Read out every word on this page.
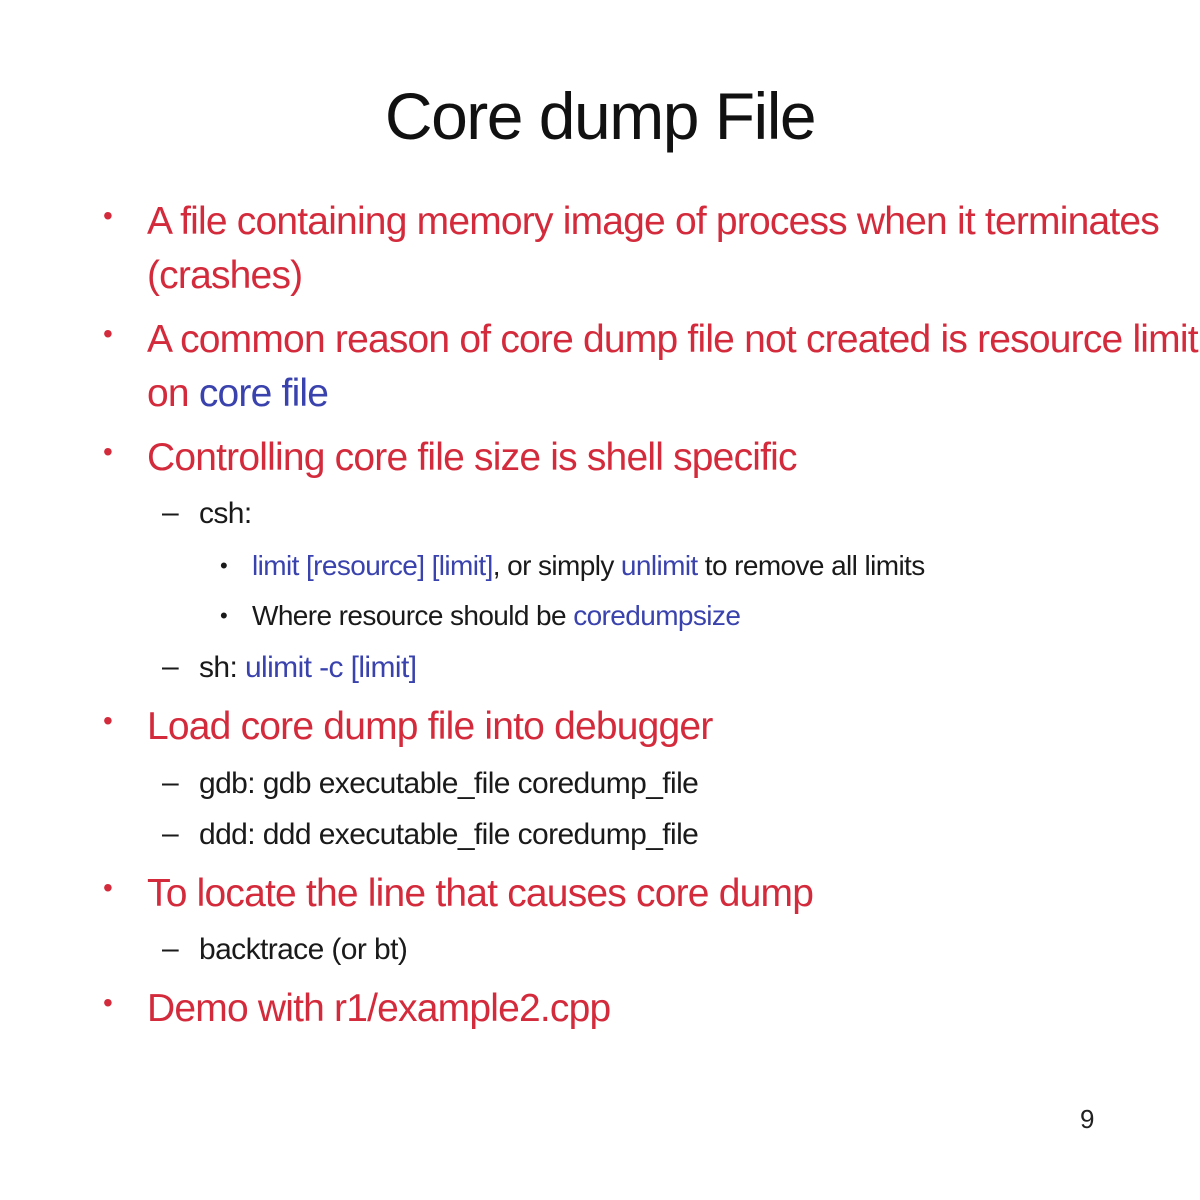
Core dump File
• A file containing memory image of process when it terminates
(crashes)
• A common reason of core dump file not created is resource limit
on core file
• Controlling core file size is shell specific
– csh:
• limit [resource] [limit], or simply unlimit to remove all limits
• Where resource should be coredumpsize
– sh: ulimit -c [limit]
• Load core dump file into debugger
– gdb: gdb executable_file coredump_file
– ddd: ddd executable_file coredump_file
• To locate the line that causes core dump
– backtrace (or bt)
• Demo with r1/example2.cpp
9
